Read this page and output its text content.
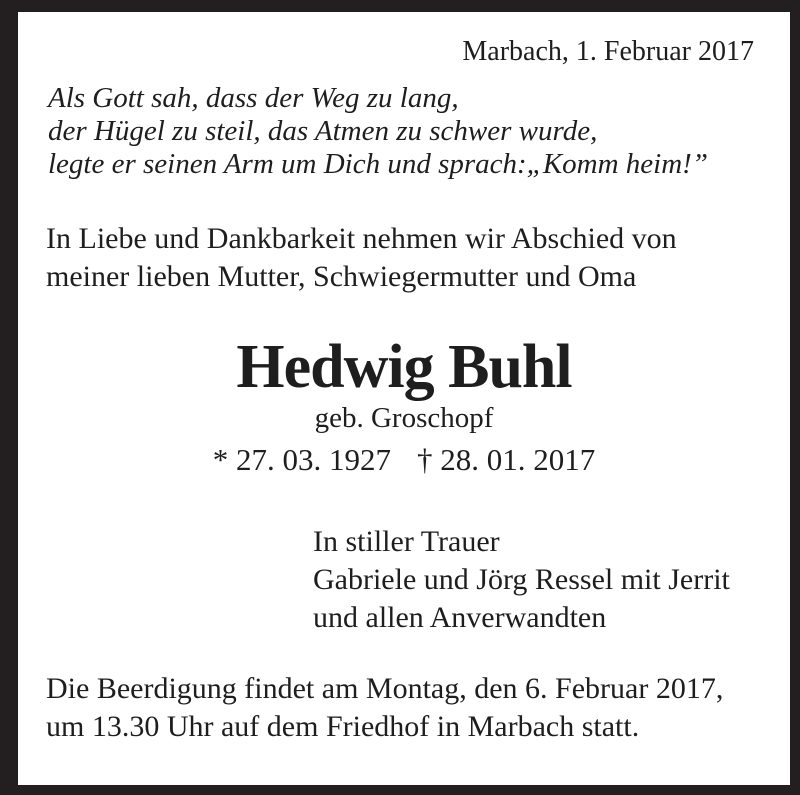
Marbach, 1. Februar 2017
Als Gott sah, dass der Weg zu lang,
der Hügel zu steil, das Atmen zu schwer wurde,
legte er seinen Arm um Dich und sprach:„Komm heim!”
In Liebe und Dankbarkeit nehmen wir Abschied von
meiner lieben Mutter, Schwiegermutter und Oma
Hedwig Buhl
geb. Groschopf
* 27. 03. 1927 † 28. 01. 2017
In stiller Trauer
Gabriele und Jörg Ressel mit Jerrit
und allen Anverwandten
Die Beerdigung findet am Montag, den 6. Februar 2017,
um 13.30 Uhr auf dem Friedhof in Marbach statt.
